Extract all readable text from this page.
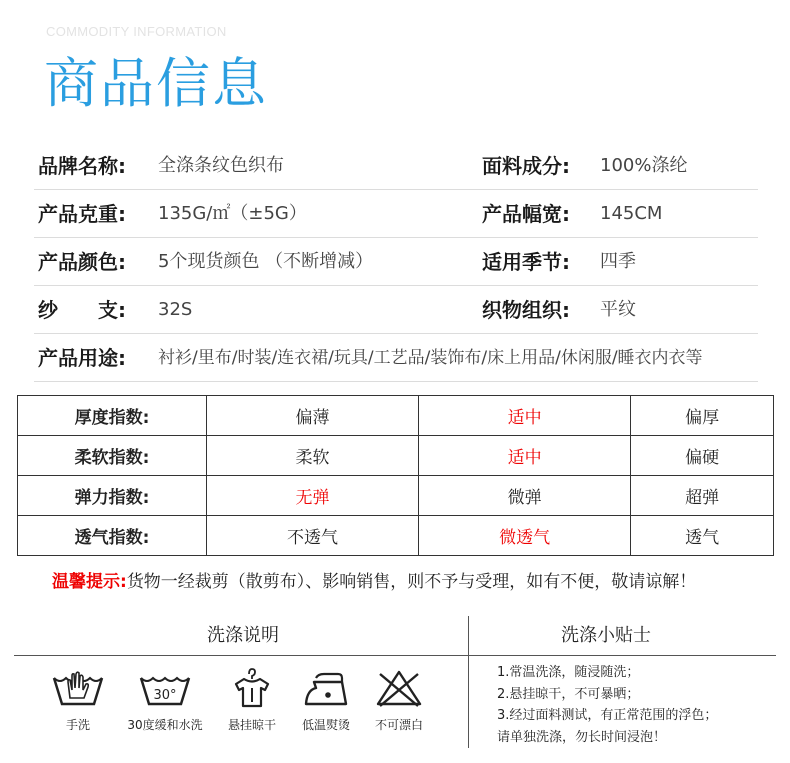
COMMODITY INFORMATION
商品信息
品牌名称: 全涤条纹色织布	面料成分: 100%涤纶
产品克重: 135G/㎡（±5G）	产品幅宽: 145CM
产品颜色: 5个现货颜色 （不断增减）	适用季节: 四季
纱　　支: 32S	织物组织: 平纹
产品用途: 衬衫/里布/时装/连衣裙/玩具/工艺品/装饰布/床上用品/休闲服/睡衣内衣等
厚度指数:	偏薄	适中	偏厚
柔软指数:	柔软	适中	偏硬
弹力指数:	无弹	微弹	超弹
透气指数:	不透气	微透气	透气
温馨提示:货物一经裁剪（散剪布）、影响销售，则不予与受理，如有不便，敬请谅解！
洗涤说明	洗涤小贴士
手洗
30°
30度缓和水洗	悬挂晾干	低温熨烫	不可漂白
1.常温洗涤，随浸随洗；
2.悬挂晾干，不可暴晒；
3.经过面料测试，有正常范围的浮色；
请单独洗涤，勿长时间浸泡！
